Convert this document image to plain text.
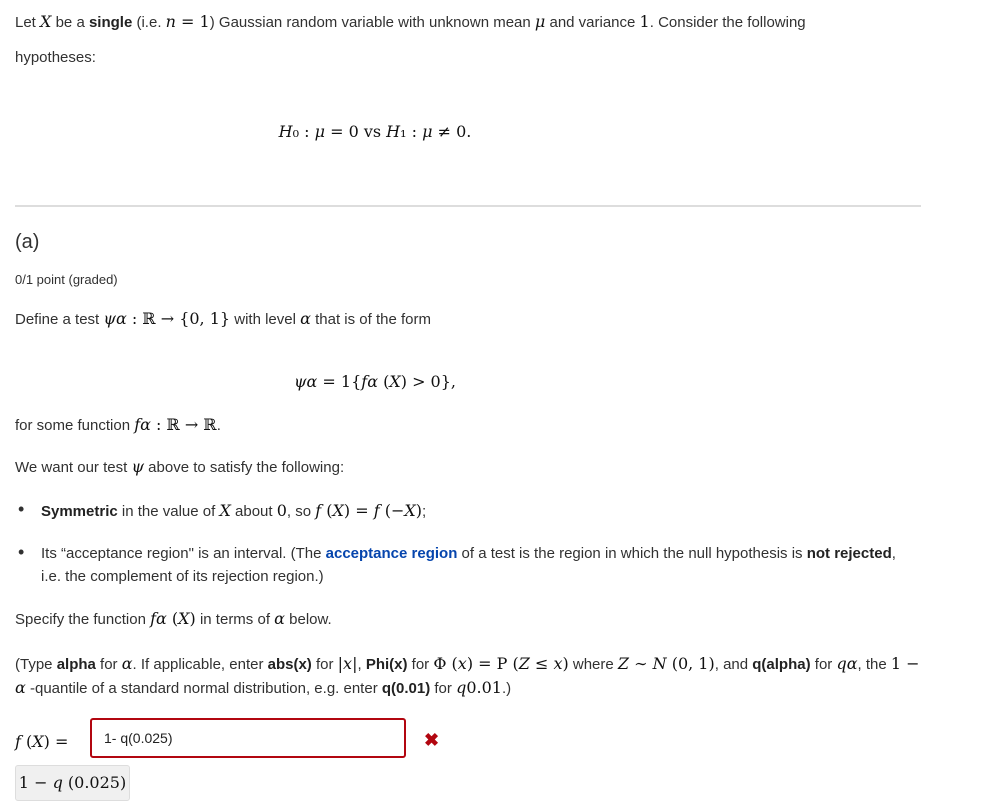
Let X be a single (i.e. n = 1) Gaussian random variable with unknown mean μ and variance 1. Consider the following
hypotheses:
H₀ : μ = 0 vs H₁ : μ ≠ 0.
(a)
0/1 point (graded)
Define a test ψα : ℝ → {0, 1} with level α that is of the form
ψα = 1{fα (X) > 0},
for some function fα : ℝ → ℝ.
We want our test ψ above to satisfy the following:
• Symmetric in the value of X about 0, so f (X) = f (−X);
• Its “acceptance region" is an interval. (The acceptance region of a test is the region in which the null hypothesis is not rejected, i.e. the complement of its rejection region.)
Specify the function fα (X) in terms of α below.
(Type alpha for α. If applicable, enter abs(x) for |x|, Phi(x) for Φ (x) = P (Z ≤ x) where Z ∼ N (0, 1), and q(alpha) for qα, the 1 − α -quantile of a standard normal distribution, e.g. enter q(0.01) for q0.01.)
f (X) =
1- q(0.025)	✖
1 − q (0.025)
